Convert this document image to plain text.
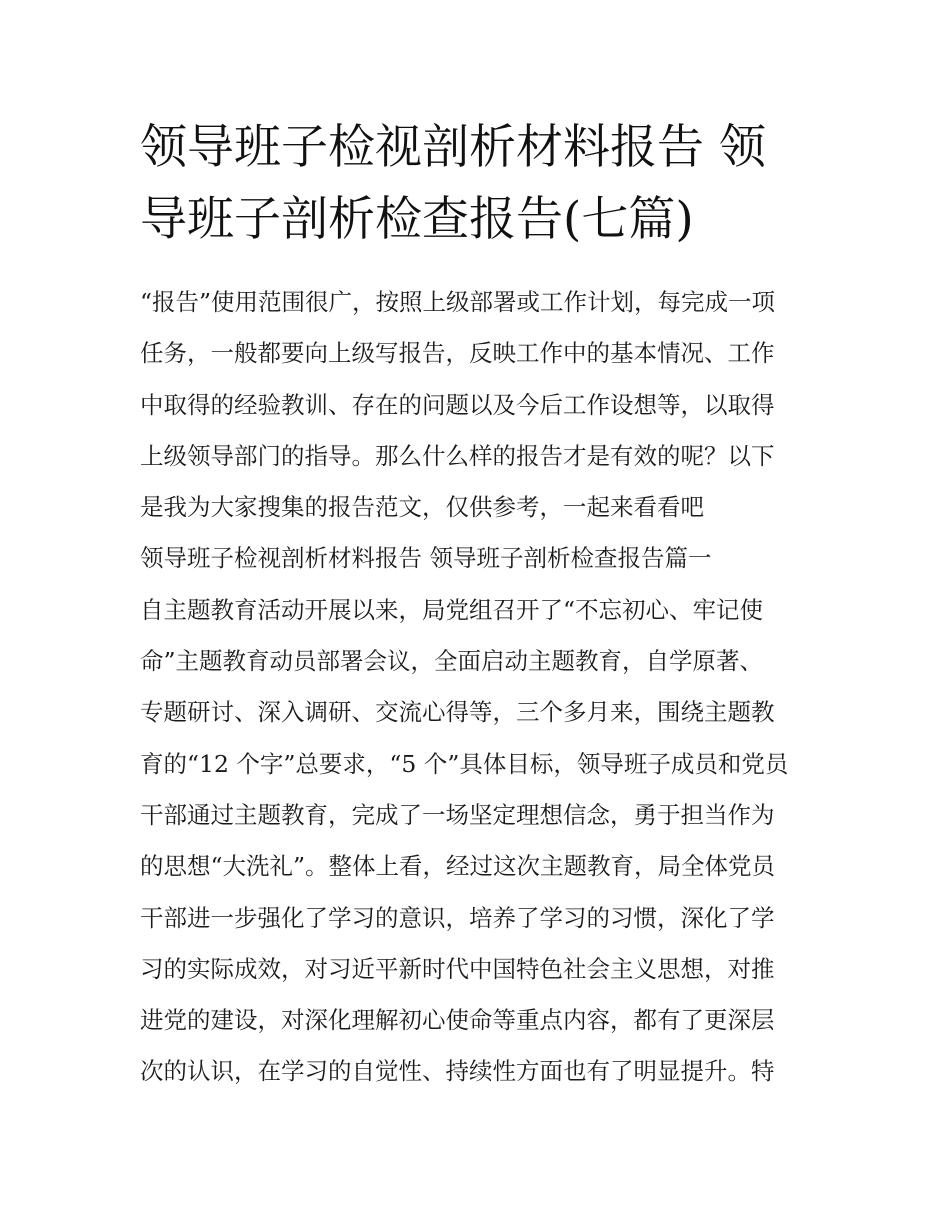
领导班子检视剖析材料报告 领
导班子剖析检查报告(七篇)
“报告”使用范围很广，按照上级部署或工作计划，每完成一项
任务，一般都要向上级写报告，反映工作中的基本情况、工作
中取得的经验教训、存在的问题以及今后工作设想等，以取得
上级领导部门的指导。那么什么样的报告才是有效的呢？以下
是我为大家搜集的报告范文，仅供参考，一起来看看吧
领导班子检视剖析材料报告 领导班子剖析检查报告篇一
自主题教育活动开展以来，局党组召开了“不忘初心、牢记使
命”主题教育动员部署会议，全面启动主题教育，自学原著、
专题研讨、深入调研、交流心得等，三个多月来，围绕主题教
育的“12 个字”总要求，“5 个”具体目标，领导班子成员和党员
干部通过主题教育，完成了一场坚定理想信念，勇于担当作为
的思想“大洗礼”。整体上看，经过这次主题教育，局全体党员
干部进一步强化了学习的意识，培养了学习的习惯，深化了学
习的实际成效，对习近平新时代中国特色社会主义思想，对推
进党的建设，对深化理解初心使命等重点内容，都有了更深层
次的认识，在学习的自觉性、持续性方面也有了明显提升。特
